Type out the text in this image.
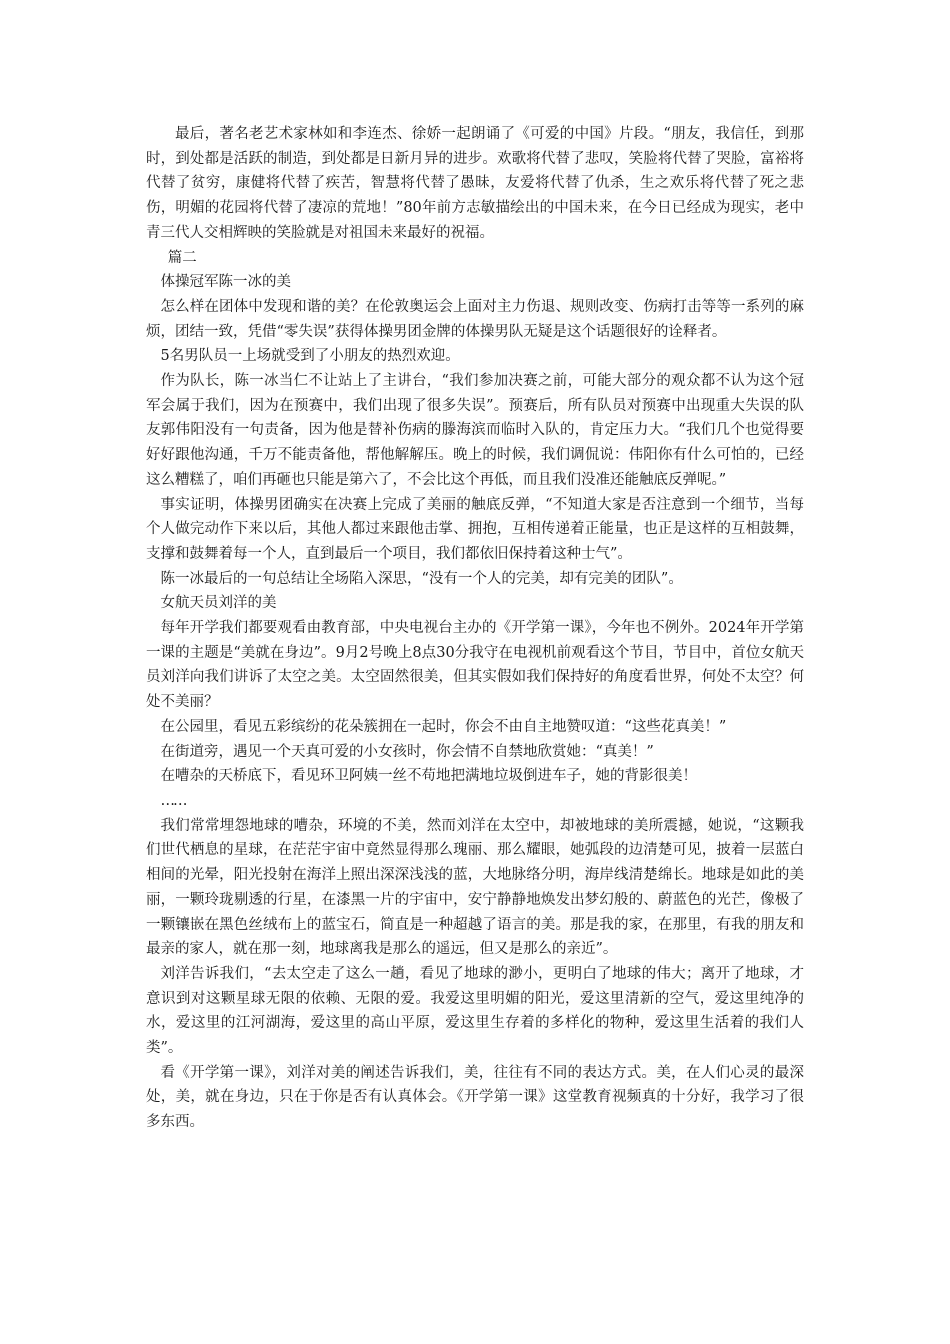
最后，著名老艺术家林如和李连杰、徐娇一起朗诵了《可爱的中国》片段。“朋友，我信任，到那时，到处都是活跃的制造，到处都是日新月异的进步。欢歌将代替了悲叹，笑脸将代替了哭脸，富裕将代替了贫穷，康健将代替了疾苦，智慧将代替了愚昧，友爱将代替了仇杀，生之欢乐将代替了死之悲伤，明媚的花园将代替了凄凉的荒地！”80年前方志敏描绘出的中国未来，在今日已经成为现实，老中青三代人交相辉映的笑脸就是对祖国未来最好的祝福。

篇二

体操冠军陈一冰的美

怎么样在团体中发现和谐的美？在伦敦奥运会上面对主力伤退、规则改变、伤病打击等等一系列的麻烦，团结一致，凭借“零失误”获得体操男团金牌的体操男队无疑是这个话题很好的诠释者。

5名男队员一上场就受到了小朋友的热烈欢迎。

作为队长，陈一冰当仁不让站上了主讲台，“我们参加决赛之前，可能大部分的观众都不认为这个冠军会属于我们，因为在预赛中，我们出现了很多失误”。预赛后，所有队员对预赛中出现重大失误的队友郭伟阳没有一句责备，因为他是替补伤病的滕海滨而临时入队的，肯定压力大。“我们几个也觉得要好好跟他沟通，千万不能责备他，帮他解解压。晚上的时候，我们调侃说：伟阳你有什么可怕的，已经这么糟糕了，咱们再砸也只能是第六了，不会比这个再低，而且我们没准还能触底反弹呢。”

事实证明，体操男团确实在决赛上完成了美丽的触底反弹，“不知道大家是否注意到一个细节，当每个人做完动作下来以后，其他人都过来跟他击掌、拥抱，互相传递着正能量，也正是这样的互相鼓舞，支撑和鼓舞着每一个人，直到最后一个项目，我们都依旧保持着这种士气”。

陈一冰最后的一句总结让全场陷入深思，“没有一个人的完美，却有完美的团队”。

女航天员刘洋的美

每年开学我们都要观看由教育部，中央电视台主办的《开学第一课》，今年也不例外。2024年开学第一课的主题是“美就在身边”。9月2号晚上8点30分我守在电视机前观看这个节目，节目中，首位女航天员刘洋向我们讲诉了太空之美。太空固然很美，但其实假如我们保持好的角度看世界，何处不太空？何处不美丽？

在公园里，看见五彩缤纷的花朵簇拥在一起时，你会不由自主地赞叹道：“这些花真美！”

在街道旁，遇见一个天真可爱的小女孩时，你会情不自禁地欣赏她：“真美！”

在嘈杂的天桥底下，看见环卫阿姨一丝不苟地把满地垃圾倒进车子，她的背影很美！

……

我们常常埋怨地球的嘈杂，环境的不美，然而刘洋在太空中，却被地球的美所震撼，她说，“这颗我们世代栖息的星球，在茫茫宇宙中竟然显得那么瑰丽、那么耀眼，她弧段的边清楚可见，披着一层蓝白相间的光晕，阳光投射在海洋上照出深深浅浅的蓝，大地脉络分明，海岸线清楚绵长。地球是如此的美丽，一颗玲珑剔透的行星，在漆黑一片的宇宙中，安宁静静地焕发出梦幻般的、蔚蓝色的光芒，像极了一颗镶嵌在黑色丝绒布上的蓝宝石，简直是一种超越了语言的美。那是我的家，在那里，有我的朋友和最亲的家人，就在那一刻，地球离我是那么的遥远，但又是那么的亲近”。

刘洋告诉我们，“去太空走了这么一趟，看见了地球的渺小，更明白了地球的伟大；离开了地球，才意识到对这颗星球无限的依赖、无限的爱。我爱这里明媚的阳光，爱这里清新的空气，爱这里纯净的水，爱这里的江河湖海，爱这里的高山平原，爱这里生存着的多样化的物种，爱这里生活着的我们人类”。

看《开学第一课》，刘洋对美的阐述告诉我们，美，往往有不同的表达方式。美，在人们心灵的最深处，美，就在身边，只在于你是否有认真体会。《开学第一课》这堂教育视频真的十分好，我学习了很多东西。
